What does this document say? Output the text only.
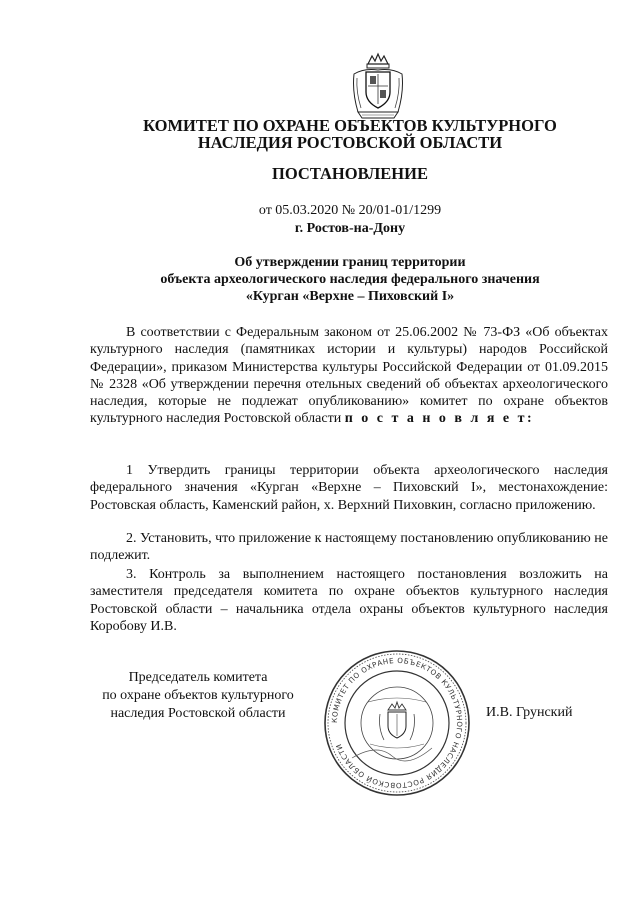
КОМИТЕТ ПО ОХРАНЕ ОБЪЕКТОВ КУЛЬТУРНОГО
НАСЛЕДИЯ РОСТОВСКОЙ ОБЛАСТИ
ПОСТАНОВЛЕНИЕ
от 05.03.2020 № 20/01-01/1299
г. Ростов-на-Дону
Об утверждении границ территории
объекта археологического наследия федерального значения
«Курган «Верхне – Пиховский I»

В соответствии с Федеральным законом от 25.06.2002 № 73-ФЗ «Об объектах культурного наследия (памятниках истории и культуры) народов Российской Федерации», приказом Министерства культуры Российской Федерации от 01.09.2015 № 2328 «Об утверждении перечня отельных сведений об объектах археологического наследия, которые не подлежат опубликованию» комитет по охране объектов культурного наследия Ростовской области п о с т а н о в л я е т:

1 Утвердить границы территории объекта археологического наследия федерального значения «Курган «Верхне – Пиховский I», местонахождение: Ростовская область, Каменский район, х. Верхний Пиховкин, согласно приложению.

2. Установить, что приложение к настоящему постановлению опубликованию не подлежит.

3. Контроль за выполнением настоящего постановления возложить на заместителя председателя комитета по охране объектов культурного наследия Ростовской области – начальника отдела охраны объектов культурного наследия Коробову И.В.

Председатель комитета
по охране объектов культурного
наследия Ростовской области	КОМИТЕТ ПО ОХРАНЕ ОБЪЕКТОВ КУЛЬТУРНОГО НАСЛЕДИЯ РОСТОВСКОЙ ОБЛАСТИ
И.В. Грунский
